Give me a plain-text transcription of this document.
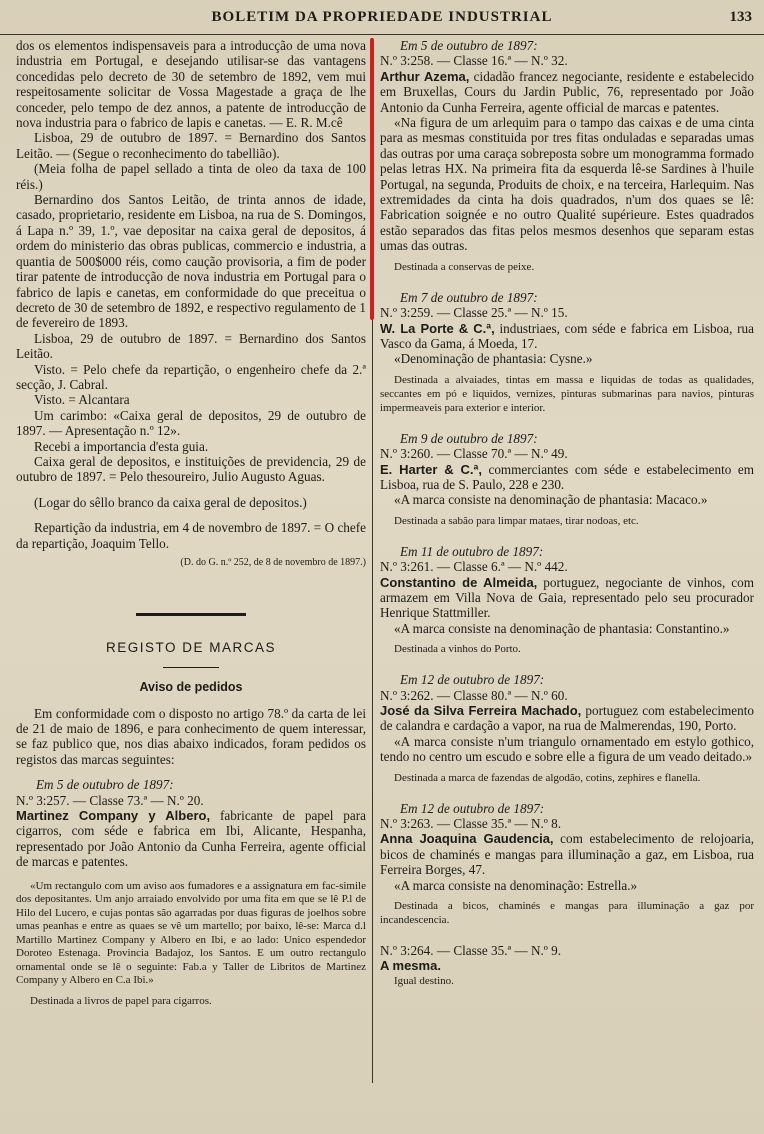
BOLETIM DA PROPRIEDADE INDUSTRIAL	133

dos os elementos indispensaveis para a introducção de uma nova industria em Portugal, e desejando utilisar-se das vantagens concedidas pelo decreto de 30 de setembro de 1892, vem mui respeitosamente solicitar de Vossa Magestade a graça de lhe conceder, pelo tempo de dez annos, a patente de introducção de nova industria para o fabrico de lapis e canetas. — E. R. M.cê

Lisboa, 29 de outubro de 1897. = Bernardino dos Santos Leitão. — (Segue o reconhecimento do tabellião).

(Meia folha de papel sellado a tinta de oleo da taxa de 100 réis.)

Bernardino dos Santos Leitão, de trinta annos de idade, casado, proprietario, residente em Lisboa, na rua de S. Domingos, á Lapa n.º 39, 1.º, vae depositar na caixa geral de depositos, á ordem do ministerio das obras publicas, commercio e industria, a quantia de 500$000 réis, como caução provisoria, a fim de poder tirar patente de introducção de nova industria em Portugal para o fabrico de lapis e canetas, em conformidade do que preceitua o decreto de 30 de setembro de 1892, e respectivo regulamento de 1 de fevereiro de 1893.

Lisboa, 29 de outubro de 1897. = Bernardino dos Santos Leitão.

Visto. = Pelo chefe da repartição, o engenheiro chefe da 2.ª secção, J. Cabral.

Visto. = Alcantara

Um carimbo: «Caixa geral de depositos, 29 de outubro de 1897. — Apresentação n.º 12».

Recebi a importancia d'esta guia.

Caixa geral de depositos, e instituições de previdencia, 29 de outubro de 1897. = Pelo thesoureiro, Julio Augusto Aguas.

(Logar do sêllo branco da caixa geral de depositos.)

Repartição da industria, em 4 de novembro de 1897. = O chefe da repartição, Joaquim Tello.

(D. do G. n.º 252, de 8 de novembro de 1897.)

REGISTO DE MARCAS
Aviso de pedidos

Em conformidade com o disposto no artigo 78.º da carta de lei de 21 de maio de 1896, e para conhecimento de quem interessar, se faz publico que, nos dias abaixo indicados, foram pedidos os registos das marcas seguintes:

Em 5 de outubro de 1897:

N.º 3:257. — Classe 73.ª — N.º 20.

Martinez Company y Albero, fabricante de papel para cigarros, com séde e fabrica em Ibi, Alicante, Hespanha, representado por João Antonio da Cunha Ferreira, agente official de marcas e patentes.

«Um rectangulo com um aviso aos fumadores e a assignatura em fac-simile dos depositantes. Um anjo arraiado envolvido por uma fita em que se lê P.l de Hilo del Lucero, e cujas pontas são agarradas por duas figuras de joelhos sobre umas peanhas e entre as quaes se vê um martello; por baixo, lê-se: Marca d.l Martillo Martinez Company y Albero en Ibi, e ao lado: Unico espendedor Doroteo Estenaga. Provincia Badajoz, los Santos. E um outro rectangulo ornamental onde se lê o seguinte: Fab.a y Taller de Libritos de Martinez Company y Albero en C.a Ibi.»

Destinada a livros de papel para cigarros.

Em 5 de outubro de 1897:

N.º 3:258. — Classe 16.ª — N.º 32.

Arthur Azema, cidadão francez negociante, residente e estabelecido em Bruxellas, Cours du Jardin Public, 76, representado por João Antonio da Cunha Ferreira, agente official de marcas e patentes.

«Na figura de um arlequim para o tampo das caixas e de uma cinta para as mesmas constituida por tres fitas onduladas e separadas umas das outras por uma caraça sobreposta sobre um monogramma formado pelas letras HX. Na primeira fita da esquerda lê-se Sardines à l'huile Portugal, na segunda, Produits de choix, e na terceira, Harlequim. Nas extremidades da cinta ha dois quadrados, n'um dos quaes se lê: Fabrication soignée e no outro Qualité supérieure. Estes quadrados estão separados das fitas pelos mesmos desenhos que separam estas umas das outras.

Destinada a conservas de peixe.

Em 7 de outubro de 1897:

N.º 3:259. — Classe 25.ª — N.º 15.

W. La Porte & C.ª, industriaes, com séde e fabrica em Lisboa, rua Vasco da Gama, á Moeda, 17.

«Denominação de phantasia: Cysne.»

Destinada a alvaiades, tintas em massa e liquidas de todas as qualidades, seccantes em pó e liquidos, vernizes, pinturas submarinas para navios, pinturas impermeaveis para exterior e interior.

Em 9 de outubro de 1897:

N.º 3:260. — Classe 70.ª — N.º 49.

E. Harter & C.ª, commerciantes com séde e estabelecimento em Lisboa, rua de S. Paulo, 228 e 230.

«A marca consiste na denominação de phantasia: Macaco.»

Destinada a sabão para limpar mataes, tirar nodoas, etc.

Em 11 de outubro de 1897:

N.º 3:261. — Classe 6.ª — N.º 442.

Constantino de Almeida, portuguez, negociante de vinhos, com armazem em Villa Nova de Gaia, representado pelo seu procurador Henrique Stattmiller.

«A marca consiste na denominação de phantasia: Constantino.»

Destinada a vinhos do Porto.

Em 12 de outubro de 1897:

N.º 3:262. — Classe 80.ª — N.º 60.

José da Silva Ferreira Machado, portuguez com estabelecimento de calandra e cardação a vapor, na rua de Malmerendas, 190, Porto.

«A marca consiste n'um triangulo ornamentado em estylo gothico, tendo no centro um escudo e sobre elle a figura de um veado deitado.»

Destinada a marca de fazendas de algodão, cotins, zephires e flanella.

Em 12 de outubro de 1897:

N.º 3:263. — Classe 35.ª — N.º 8.

Anna Joaquina Gaudencia, com estabelecimento de relojoaria, bicos de chaminés e mangas para illuminação a gaz, em Lisboa, rua Ferreira Borges, 47.

«A marca consiste na denominação: Estrella.»

Destinada a bicos, chaminés e mangas para illuminação a gaz por incandescencia.

N.º 3:264. — Classe 35.ª — N.º 9.

A mesma.

Igual destino.
